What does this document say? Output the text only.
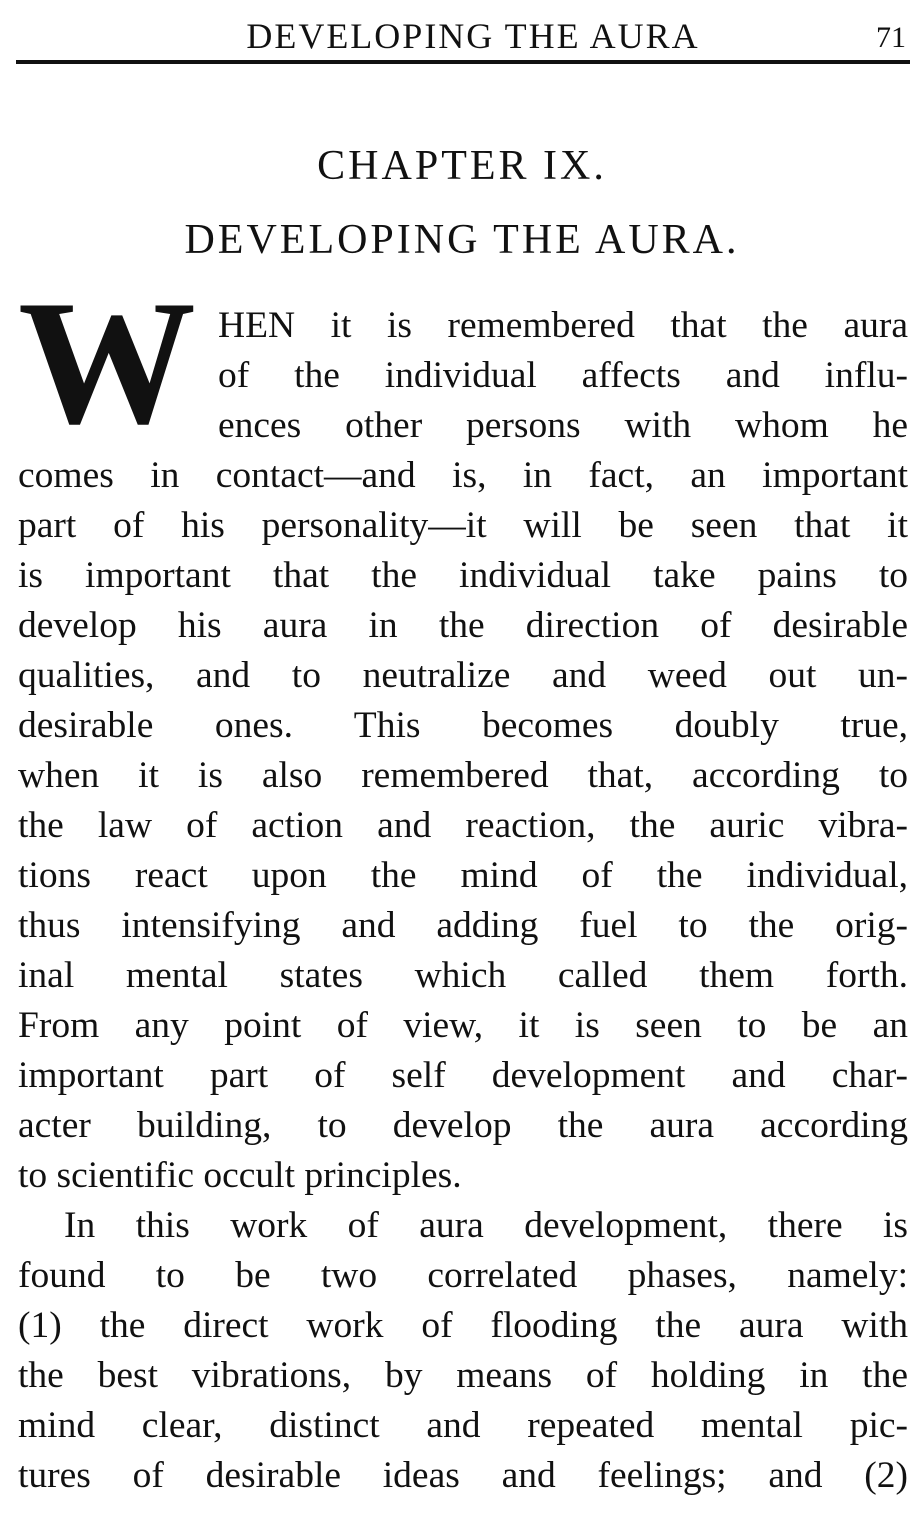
DEVELOPING THE AURA	71
CHAPTER IX.
DEVELOPING THE AURA.
W HEN it is remembered that the aura
of the individual affects and influ-
ences other persons with whom he
comes in contact—and is, in fact, an important
part of his personality—it will be seen that it
is important that the individual take pains to
develop his aura in the direction of desirable
qualities, and to neutralize and weed out un-
desirable ones. This becomes doubly true,
when it is also remembered that, according to
the law of action and reaction, the auric vibra-
tions react upon the mind of the individual,
thus intensifying and adding fuel to the orig-
inal mental states which called them forth.
From any point of view, it is seen to be an
important part of self development and char-
acter building, to develop the aura according
to scientific occult principles.
In this work of aura development, there is
found to be two correlated phases, namely:
(1) the direct work of flooding the aura with
the best vibrations, by means of holding in the
mind clear, distinct and repeated mental pic-
tures of desirable ideas and feelings; and (2)
